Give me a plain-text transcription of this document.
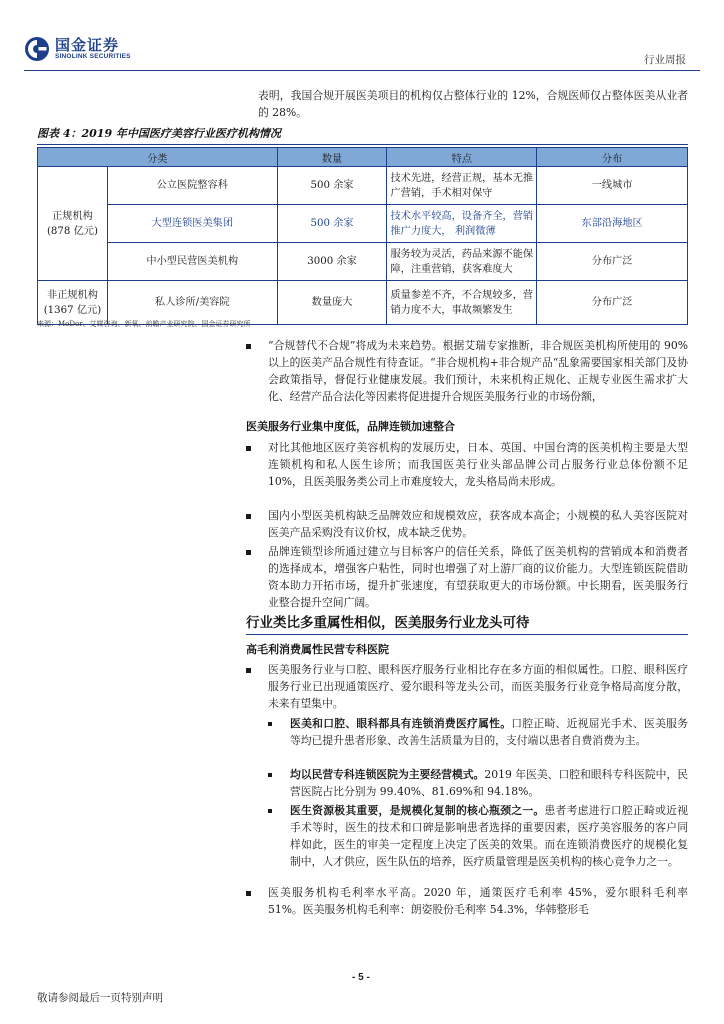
国金证券
SINOLINK SECURITIES	行业周报
表明，我国合规开展医美项目的机构仅占整体行业的 12%，合规医师仅占整体医美从业者的 28%。
图表 4：2019 年中国医疗美容行业医疗机构情况
分类		数量	特点	分布
正规机构(878 亿元)	公立医院整容科	500 余家	技术先进，经营正规，基本无推广营销，手术相对保守	一线城市
	大型连锁医美集团	500 余家	技术水平较高，设备齐全，营销推广力度大， 利润微薄	东部沿海地区
	中小型民营医美机构	3000 余家	服务较为灵活，药品来源不能保障，注重营销，获客难度大	分布广泛
非正规机构(1367 亿元)	私人诊所/美容院	数量庞大	质量参差不齐，不合规较多，营销力度不大，事故频繁发生	分布广泛
来源：MoDor、艾媒咨询、新氧、前瞻产业研究院、国金证券研究所
“合规替代不合规”将成为未来趋势。根据艾瑞专家推断，非合规医美机构所使用的 90%以上的医美产品合规性有待查证。“非合规机构+非合规产品“乱象需要国家相关部门及协会政策指导，督促行业健康发展。我们预计，未来机构正规化、正规专业医生需求扩大化、经营产品合法化等因素将促进提升合规医美服务行业的市场份额，
医美服务行业集中度低，品牌连锁加速整合
对比其他地区医疗美容机构的发展历史，日本、英国、中国台湾的医美机构主要是大型连锁机构和私人医生诊所；而我国医美行业头部品牌公司占服务行业总体份额不足 10%，且医美服务类公司上市难度较大，龙头格局尚未形成。
国内小型医美机构缺乏品牌效应和规模效应，获客成本高企；小规模的私人美容医院对医美产品采购没有议价权，成本缺乏优势。
品牌连锁型诊所通过建立与目标客户的信任关系，降低了医美机构的营销成本和消费者的选择成本，增强客户粘性，同时也增强了对上游厂商的议价能力。大型连锁医院借助资本助力开拓市场，提升扩张速度，有望获取更大的市场份额。中长期看，医美服务行业整合提升空间广阔。
行业类比多重属性相似，医美服务行业龙头可待
高毛利消费属性民营专科医院
医美服务行业与口腔、眼科医疗服务行业相比存在多方面的相似属性。口腔、眼科医疗服务行业已出现通策医疗、爱尔眼科等龙头公司，而医美服务行业竞争格局高度分散，未来有望集中。
医美和口腔、眼科都具有连锁消费医疗属性。口腔正畸、近视屈光手术、医美服务等均已提升患者形象、改善生活质量为目的，支付端以患者自费消费为主。
均以民营专科连锁医院为主要经营模式。2019 年医美、口腔和眼科专科医院中，民营医院占比分别为 99.40%、81.69%和 94.18%。
医生资源极其重要，是规模化复制的核心瓶颈之一。患者考虑进行口腔正畸或近视手术等时，医生的技术和口碑是影响患者选择的重要因素，医疗美容服务的客户同样如此，医生的审美一定程度上决定了医美的效果。而在连锁消费医疗的规模化复制中，人才供应，医生队伍的培养，医疗质量管理是医美机构的核心竞争力之一。
医美服务机构毛利率水平高。2020 年，通策医疗毛利率 45%，爱尔眼科毛利率 51%。医美服务机构毛利率：朗姿股份毛利率 54.3%，华韩整形毛
- 5 -
敬请参阅最后一页特别声明
